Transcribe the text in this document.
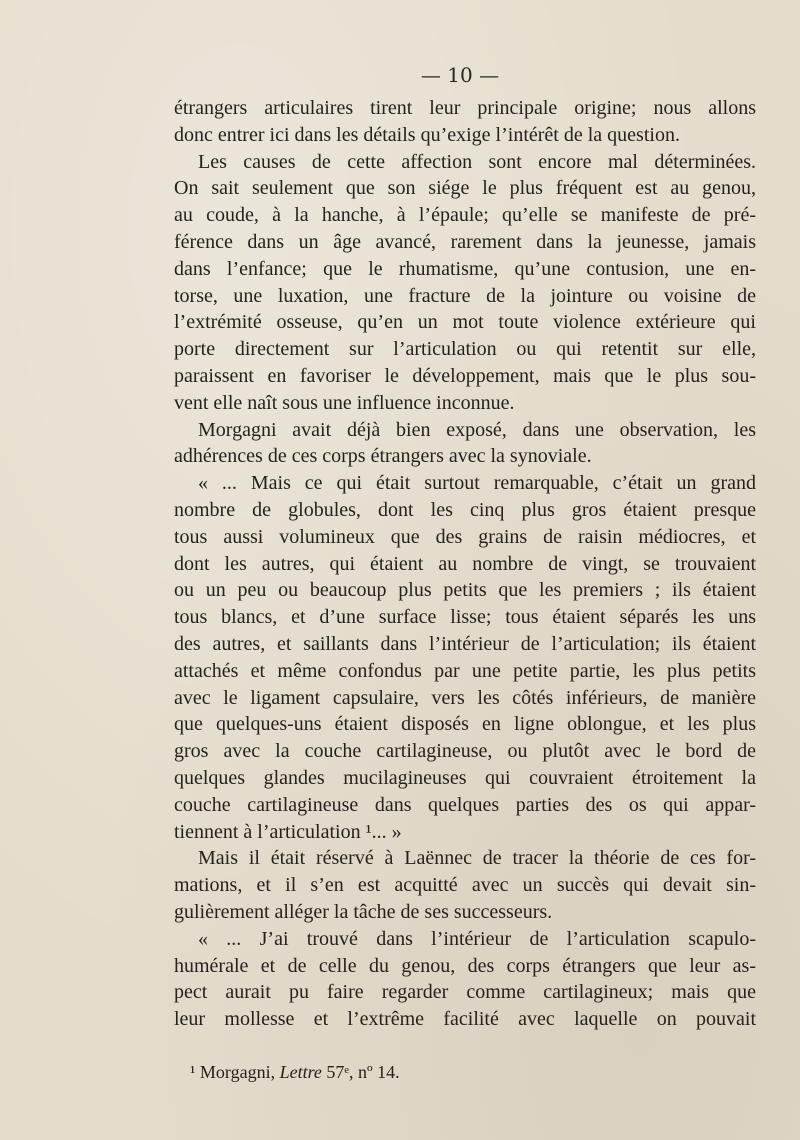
— 10 —
étrangers articulaires tirent leur principale origine; nous allons
donc entrer ici dans les détails qu’exige l’intérêt de la question.
Les causes de cette affection sont encore mal déterminées.
On sait seulement que son siége le plus fréquent est au genou,
au coude, à la hanche, à l’épaule; qu’elle se manifeste de pré-
férence dans un âge avancé, rarement dans la jeunesse, jamais
dans l’enfance; que le rhumatisme, qu’une contusion, une en-
torse, une luxation, une fracture de la jointure ou voisine de
l’extrémité osseuse, qu’en un mot toute violence extérieure qui
porte directement sur l’articulation ou qui retentit sur elle,
paraissent en favoriser le développement, mais que le plus sou-
vent elle naît sous une influence inconnue.
Morgagni avait déjà bien exposé, dans une observation, les
adhérences de ces corps étrangers avec la synoviale.
« ... Mais ce qui était surtout remarquable, c’était un grand
nombre de globules, dont les cinq plus gros étaient presque
tous aussi volumineux que des grains de raisin médiocres, et
dont les autres, qui étaient au nombre de vingt, se trouvaient
ou un peu ou beaucoup plus petits que les premiers ; ils étaient
tous blancs, et d’une surface lisse; tous étaient séparés les uns
des autres, et saillants dans l’intérieur de l’articulation; ils étaient
attachés et même confondus par une petite partie, les plus petits
avec le ligament capsulaire, vers les côtés inférieurs, de manière
que quelques-uns étaient disposés en ligne oblongue, et les plus
gros avec la couche cartilagineuse, ou plutôt avec le bord de
quelques glandes mucilagineuses qui couvraient étroitement la
couche cartilagineuse dans quelques parties des os qui appar-
tiennent à l’articulation ¹... »
Mais il était réservé à Laënnec de tracer la théorie de ces for-
mations, et il s’en est acquitté avec un succès qui devait sin-
gulièrement alléger la tâche de ses successeurs.
« ... J’ai trouvé dans l’intérieur de l’articulation scapulo-
humérale et de celle du genou, des corps étrangers que leur as-
pect aurait pu faire regarder comme cartilagineux; mais que
leur mollesse et l’extrême facilité avec laquelle on pouvait
¹ Morgagni, Lettre 57ᵉ, nº 14.
